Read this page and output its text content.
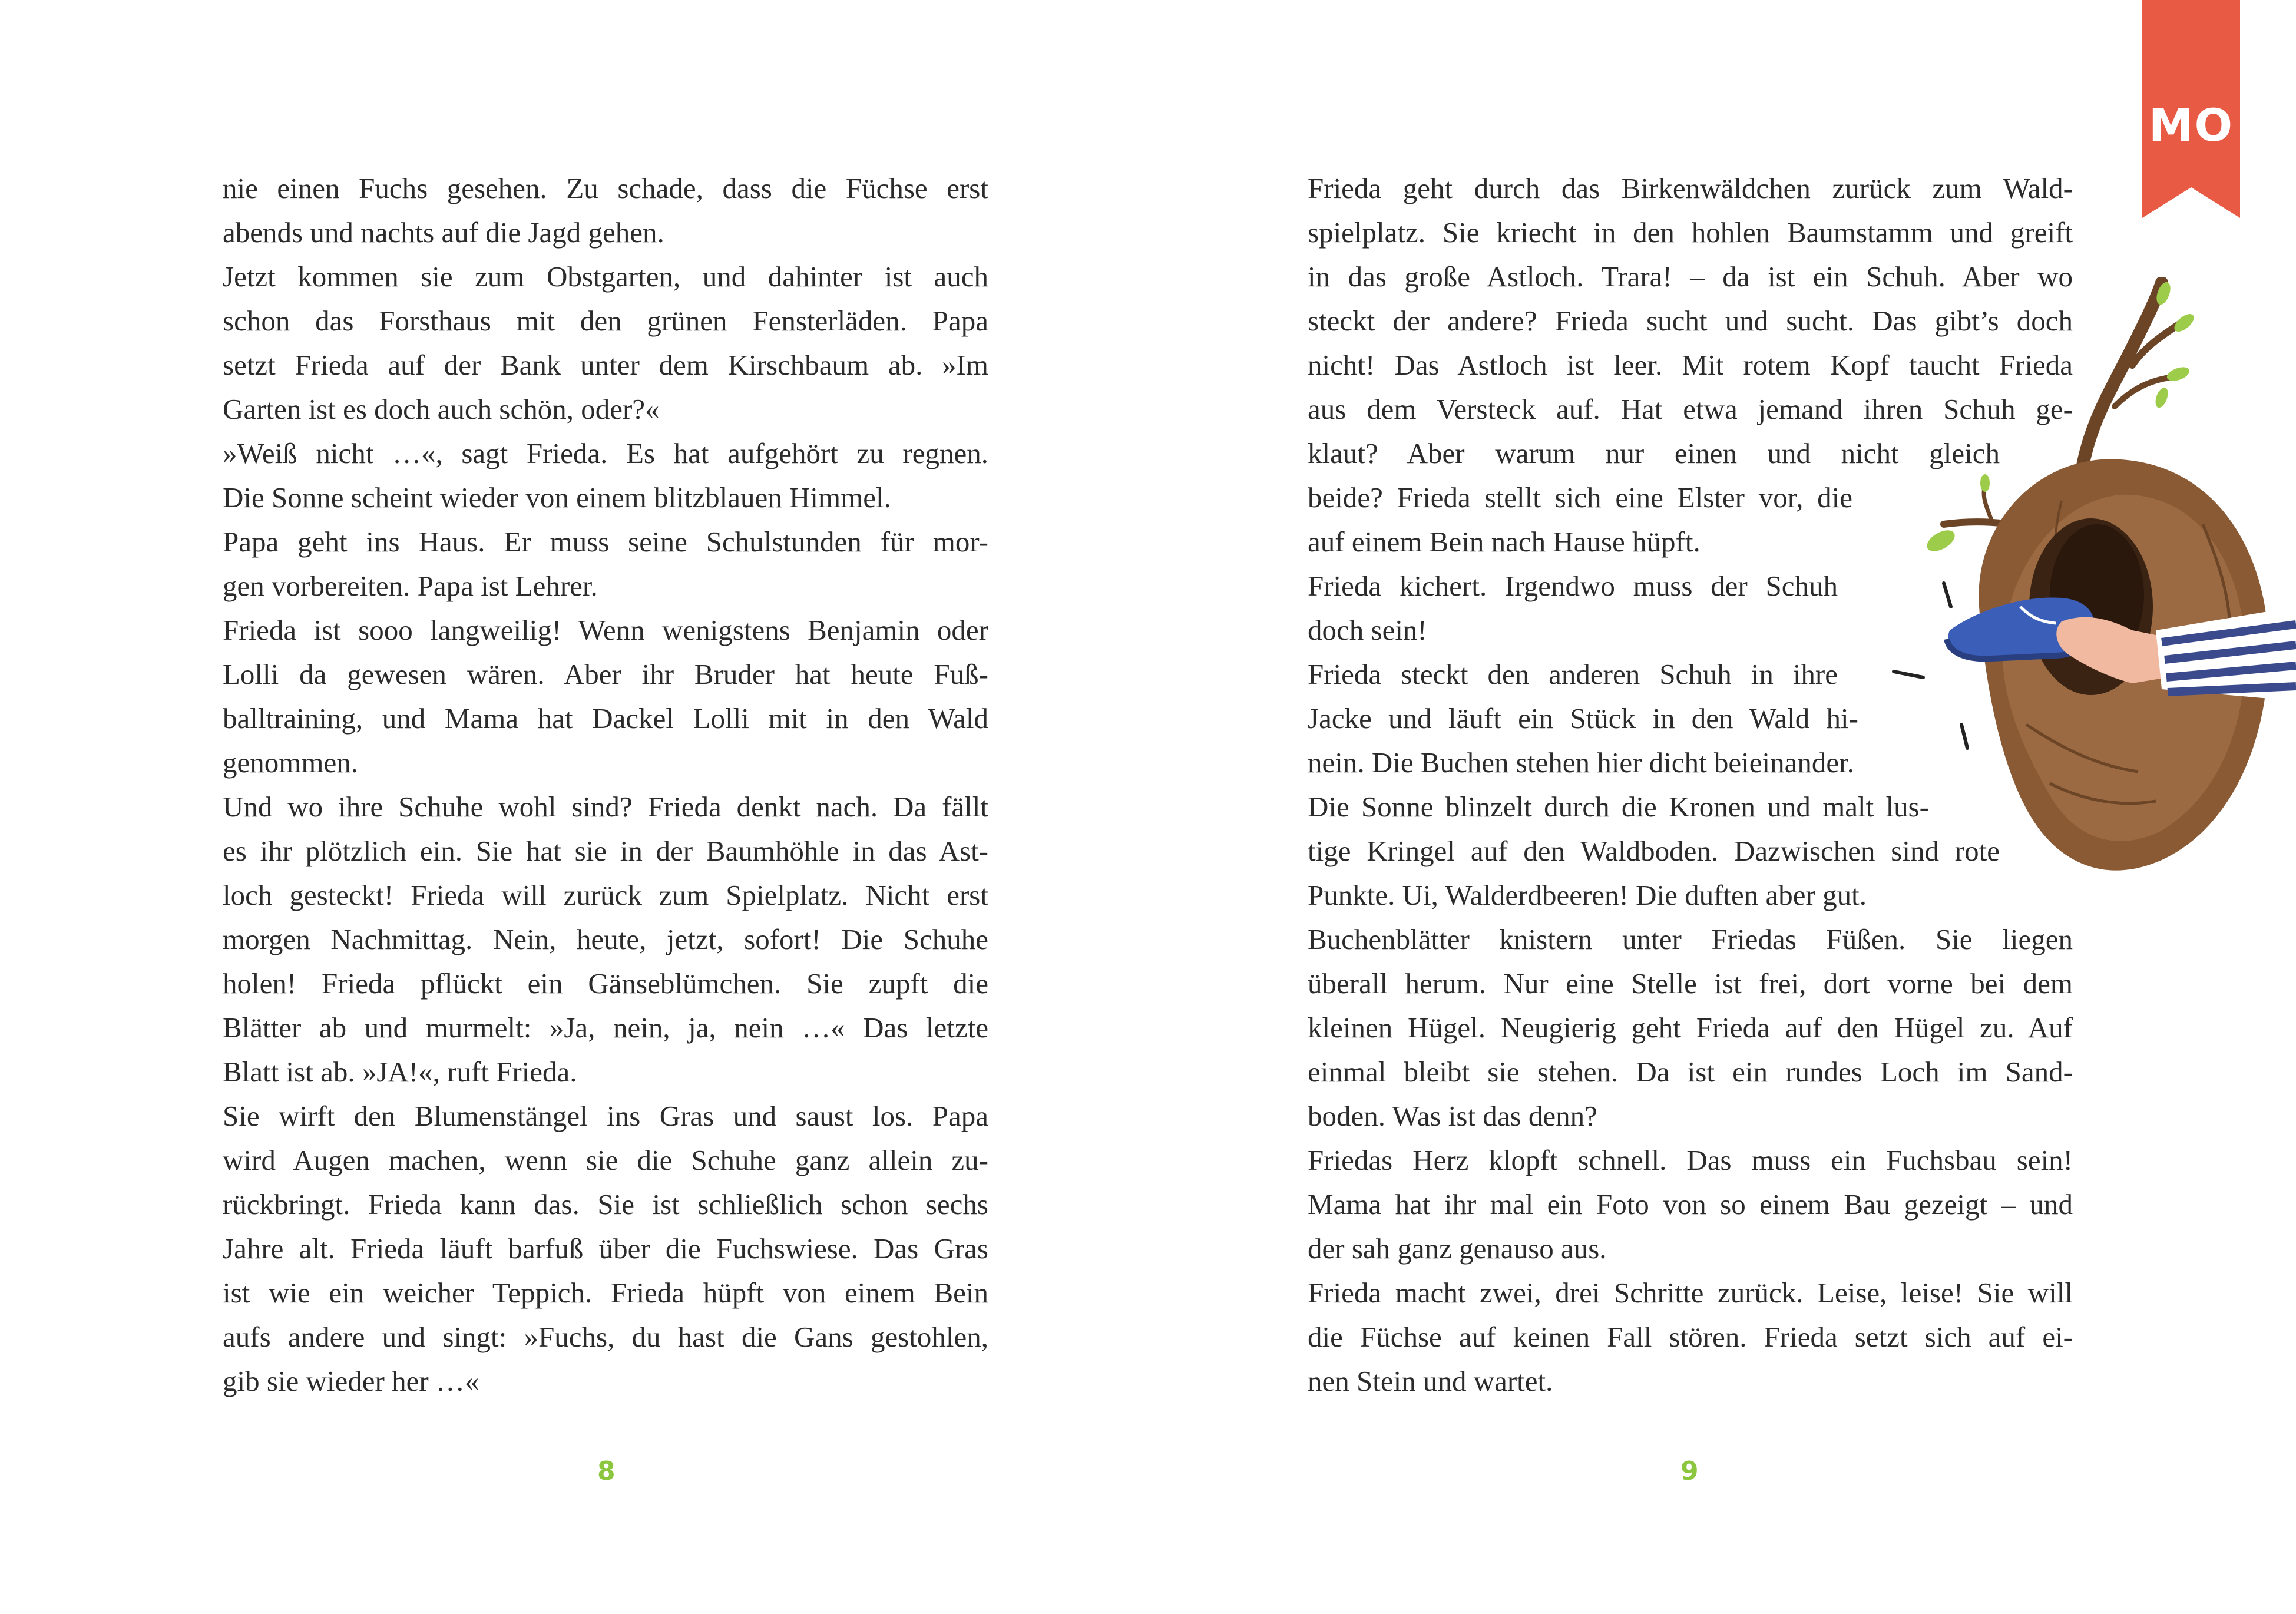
nie einen Fuchs gesehen. Zu schade, dass die Füchse erst
abends und nachts auf die Jagd gehen.
Jetzt kommen sie zum Obstgarten, und dahinter ist auch
schon das Forsthaus mit den grünen Fensterläden. Papa
setzt Frieda auf der Bank unter dem Kirschbaum ab. »Im
Garten ist es doch auch schön, oder?«
»Weiß nicht …«, sagt Frieda. Es hat aufgehört zu regnen.
Die Sonne scheint wieder von einem blitzblauen Himmel.
Papa geht ins Haus. Er muss seine Schulstunden für mor-
gen vorbereiten. Papa ist Lehrer.
Frieda ist sooo langweilig! Wenn wenigstens Benjamin oder
Lolli da gewesen wären. Aber ihr Bruder hat heute Fuß-
balltraining, und Mama hat Dackel Lolli mit in den Wald
genommen.
Und wo ihre Schuhe wohl sind? Frieda denkt nach. Da fällt
es ihr plötzlich ein. Sie hat sie in der Baumhöhle in das Ast-
loch gesteckt! Frieda will zurück zum Spielplatz. Nicht erst
morgen Nachmittag. Nein, heute, jetzt, sofort! Die Schuhe
holen! Frieda pflückt ein Gänseblümchen. Sie zupft die
Blätter ab und murmelt: »Ja, nein, ja, nein …« Das letzte
Blatt ist ab. »JA!«, ruft Frieda.
Sie wirft den Blumenstängel ins Gras und saust los. Papa
wird Augen machen, wenn sie die Schuhe ganz allein zu-
rückbringt. Frieda kann das. Sie ist schließlich schon sechs
Jahre alt. Frieda läuft barfuß über die Fuchswiese. Das Gras
ist wie ein weicher Teppich. Frieda hüpft von einem Bein
aufs andere und singt: »Fuchs, du hast die Gans gestohlen,
gib sie wieder her …«
8
Frieda geht durch das Birkenwäldchen zurück zum Wald-
spielplatz. Sie kriecht in den hohlen Baumstamm und greift
in das große Astloch. Trara! – da ist ein Schuh. Aber wo
steckt der andere? Frieda sucht und sucht. Das gibt’s doch
nicht! Das Astloch ist leer. Mit rotem Kopf taucht Frieda
aus dem Versteck auf. Hat etwa jemand ihren Schuh ge-
klaut? Aber warum nur einen und nicht gleich
beide? Frieda stellt sich eine Elster vor, die
auf einem Bein nach Hause hüpft.
Frieda kichert. Irgendwo muss der Schuh
doch sein!
Frieda steckt den anderen Schuh in ihre
Jacke und läuft ein Stück in den Wald hi-
nein. Die Buchen stehen hier dicht beieinander.
Die Sonne blinzelt durch die Kronen und malt lus-
tige Kringel auf den Waldboden. Dazwischen sind rote
Punkte. Ui, Walderdbeeren! Die duften aber gut.
Buchenblätter knistern unter Friedas Füßen. Sie liegen
überall herum. Nur eine Stelle ist frei, dort vorne bei dem
kleinen Hügel. Neugierig geht Frieda auf den Hügel zu. Auf
einmal bleibt sie stehen. Da ist ein rundes Loch im Sand-
boden. Was ist das denn?
Friedas Herz klopft schnell. Das muss ein Fuchsbau sein!
Mama hat ihr mal ein Foto von so einem Bau gezeigt – und
der sah ganz genauso aus.
Frieda macht zwei, drei Schritte zurück. Leise, leise! Sie will
die Füchse auf keinen Fall stören. Frieda setzt sich auf ei-
nen Stein und wartet.
9
MO
